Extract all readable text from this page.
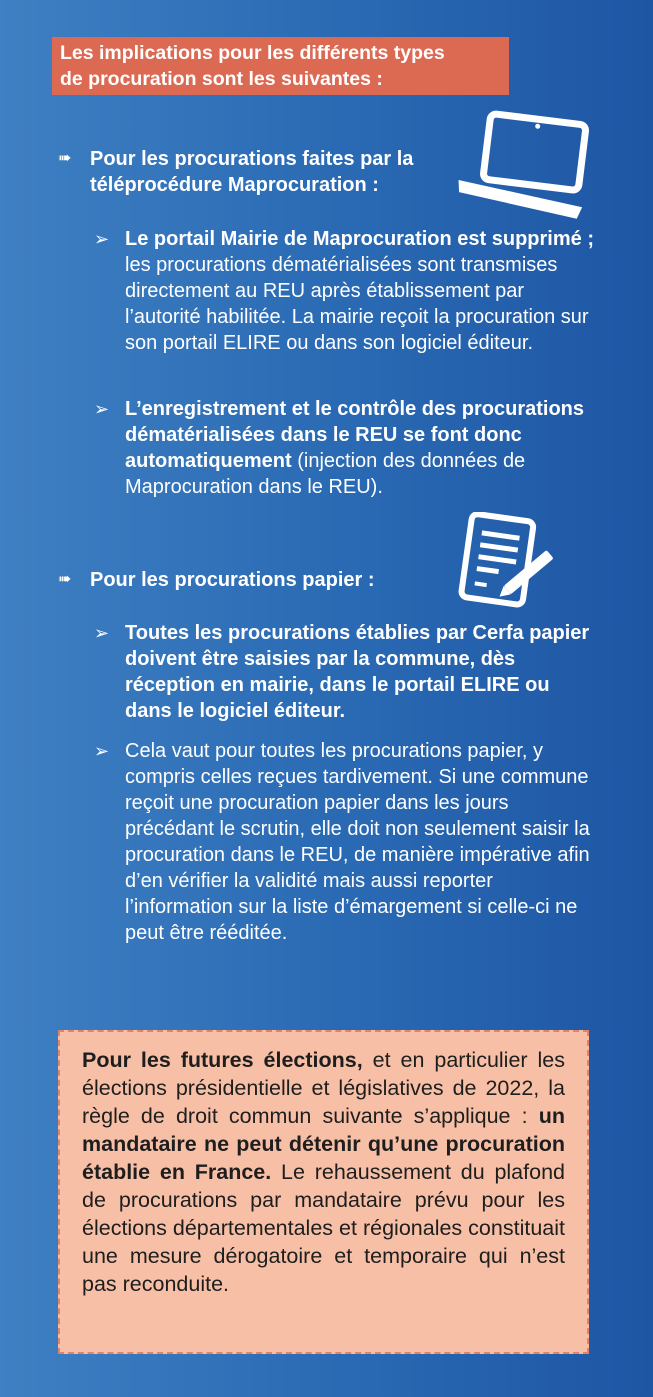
Les implications pour les différents types
de procuration sont les suivantes :
➠ Pour les procurations faites par la
téléprocédure Maprocuration :
➢ Le portail Mairie de Maprocuration est supprimé ; les procurations dématérialisées sont transmises directement au REU après établissement par l’autorité habilitée. La mairie reçoit la procuration sur son portail ELIRE ou dans son logiciel éditeur.
➢ L’enregistrement et le contrôle des procurations dématérialisées dans le REU se font donc automatiquement (injection des données de Maprocuration dans le REU).
➠ Pour les procurations papier :
➢ Toutes les procurations établies par Cerfa papier doivent être saisies par la commune, dès réception en mairie, dans le portail ELIRE ou dans le logiciel éditeur.
➢ Cela vaut pour toutes les procurations papier, y compris celles reçues tardivement. Si une commune reçoit une procuration papier dans les jours précédant le scrutin, elle doit non seulement saisir la procuration dans le REU, de manière impérative afin d’en vérifier la validité mais aussi reporter l’information sur la liste d’émargement si celle-ci ne peut être rééditée.
Pour les futures élections, et en particulier les élections présidentielle et législatives de 2022, la règle de droit commun suivante s’applique : un mandataire ne peut détenir qu’une procuration établie en France. Le rehaussement du plafond de procurations par mandataire prévu pour les élections départementales et régionales constituait une mesure dérogatoire et temporaire qui n’est pas reconduite.
